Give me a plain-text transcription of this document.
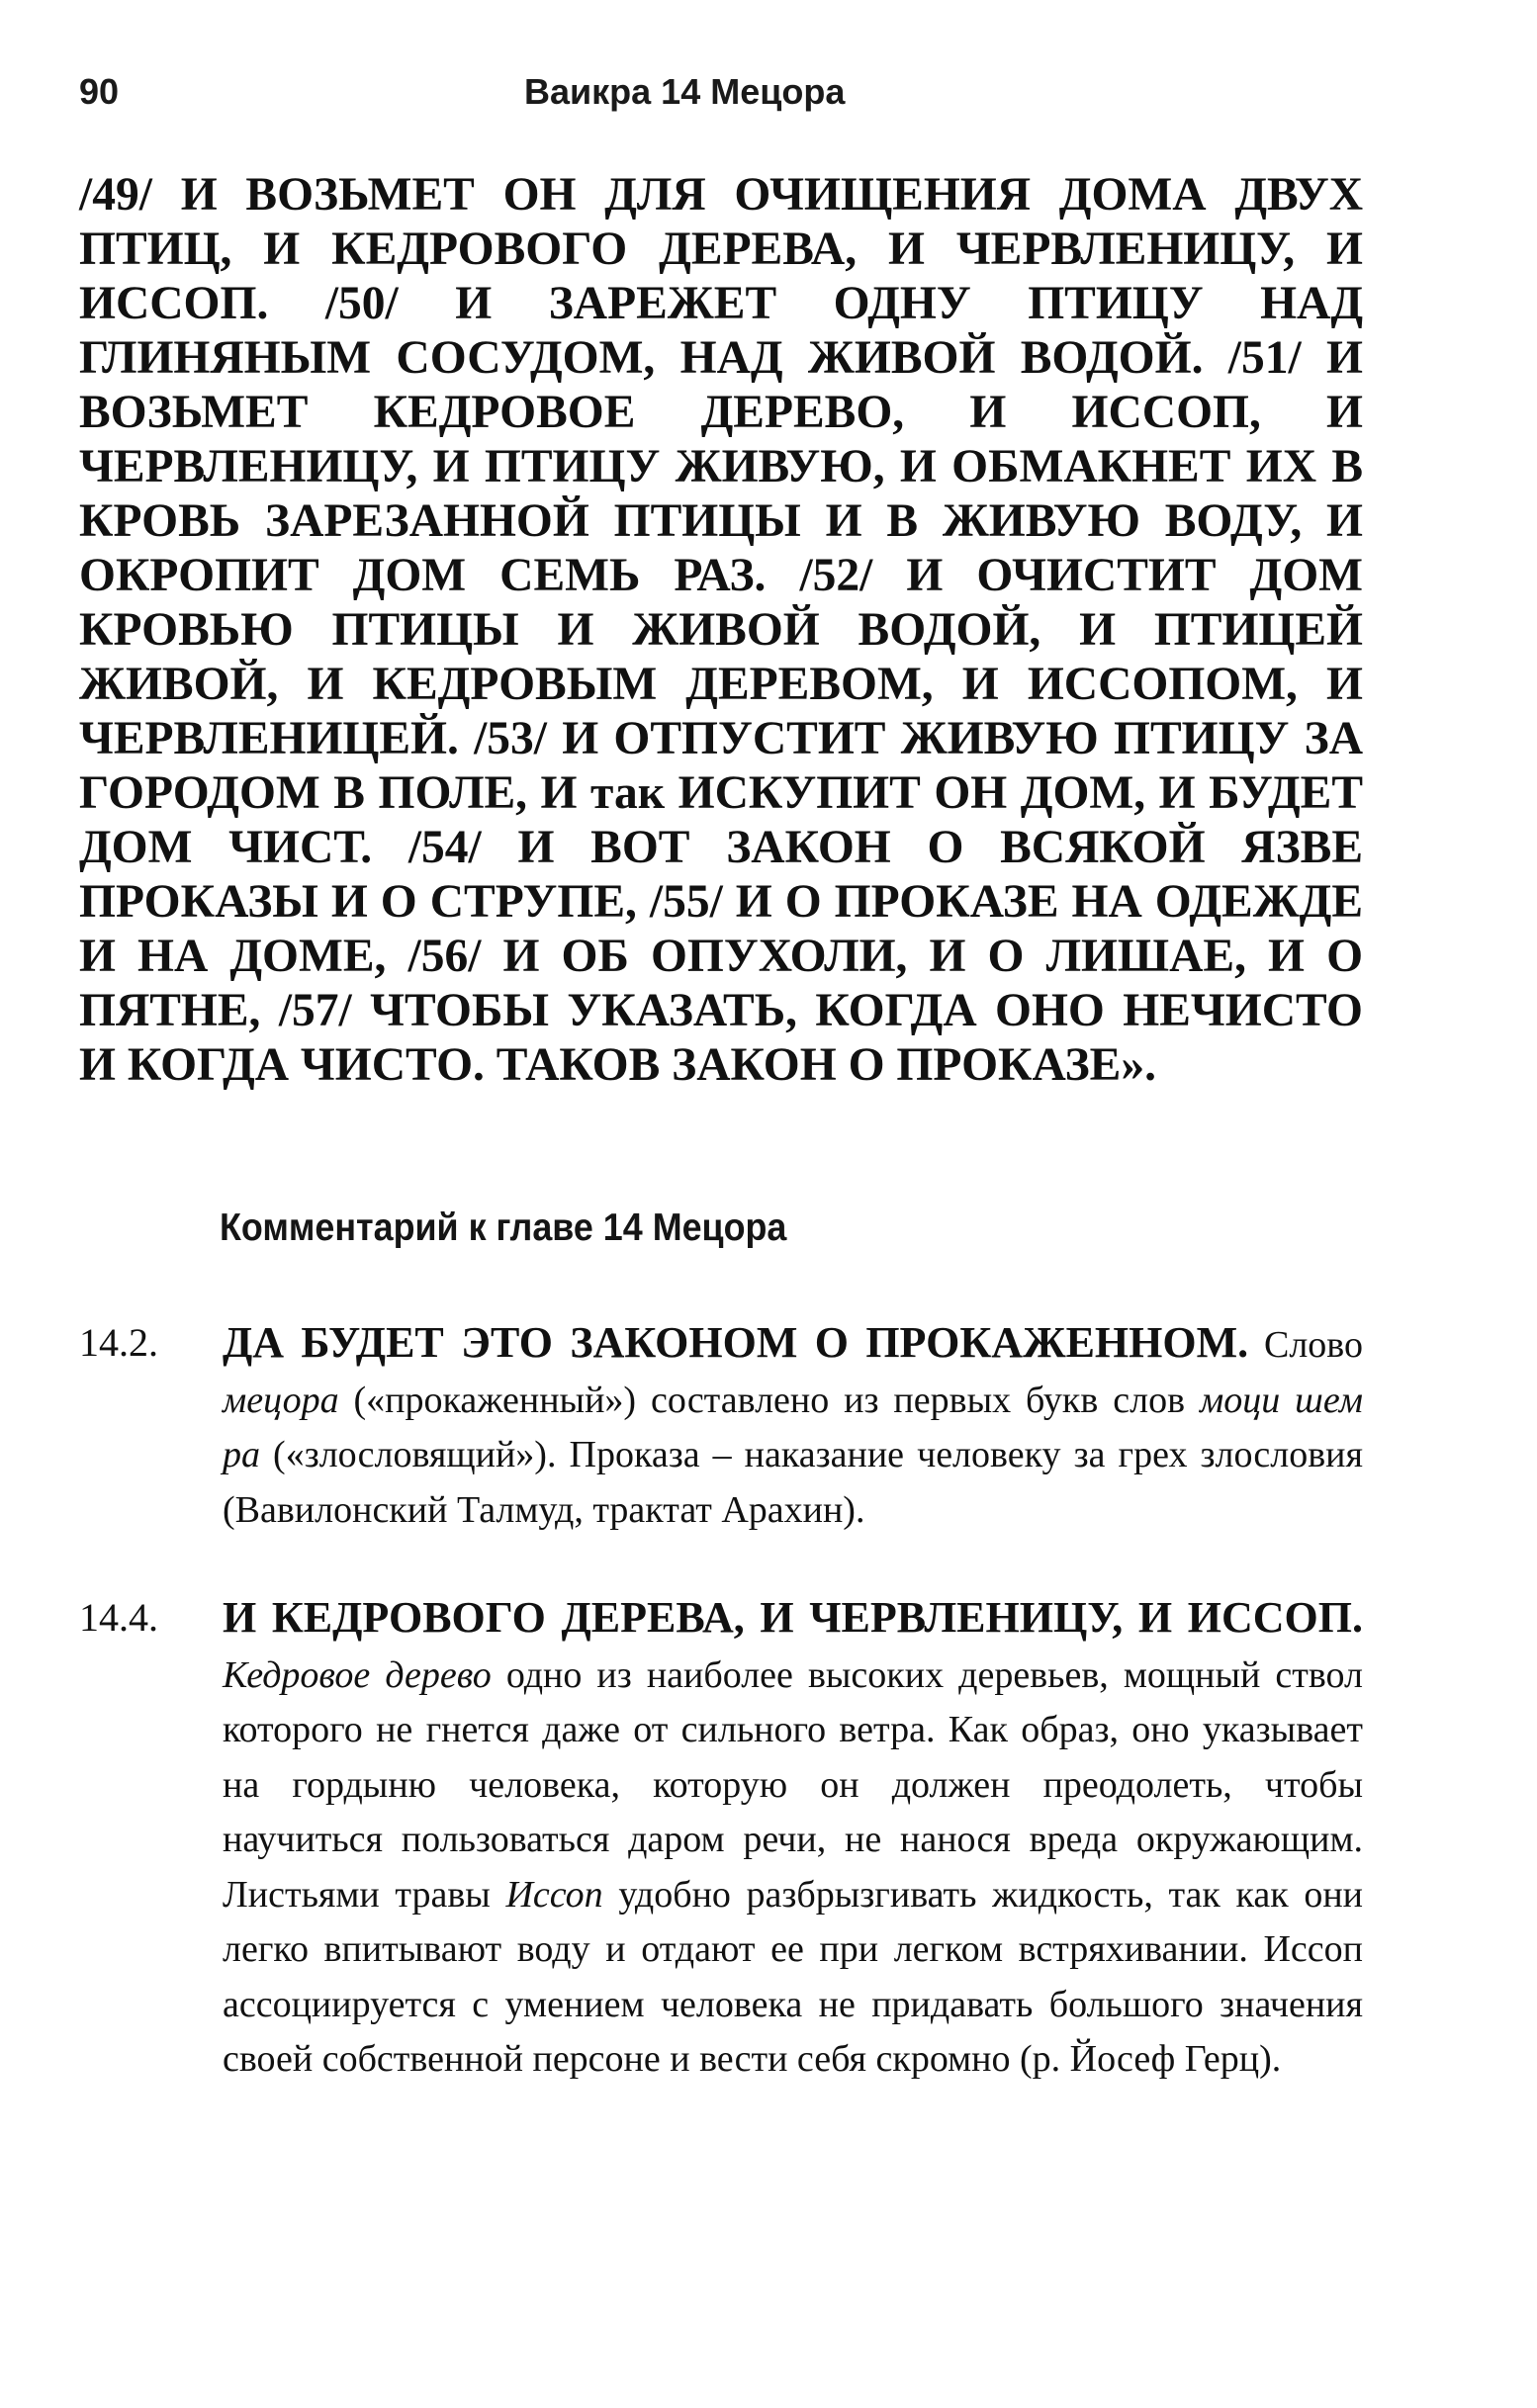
90	Ваикра 14 Мецора

/49/ И ВОЗЬМЕТ ОН ДЛЯ ОЧИЩЕНИЯ ДОМА ДВУХ ПТИЦ, И КЕДРОВОГО ДЕРЕВА, И ЧЕРВЛЕНИЦУ, И ИССОП. /50/ И ЗАРЕЖЕТ ОДНУ ПТИЦУ НАД ГЛИНЯНЫМ СОСУДОМ, НАД ЖИВОЙ ВОДОЙ. /51/ И ВОЗЬМЕТ КЕДРОВОЕ ДЕРЕВО, И ИССОП, И ЧЕРВЛЕНИЦУ, И ПТИЦУ ЖИВУЮ, И ОБМАКНЕТ ИХ В КРОВЬ ЗАРЕЗАННОЙ ПТИЦЫ И В ЖИВУЮ ВОДУ, И ОКРОПИТ ДОМ СЕМЬ РАЗ. /52/ И ОЧИСТИТ ДОМ КРОВЬЮ ПТИЦЫ И ЖИВОЙ ВОДОЙ, И ПТИЦЕЙ ЖИВОЙ, И КЕДРОВЫМ ДЕРЕВОМ, И ИССОПОМ, И ЧЕРВЛЕНИЦЕЙ. /53/ И ОТПУСТИТ ЖИВУЮ ПТИЦУ ЗА ГОРОДОМ В ПОЛЕ, И так ИСКУПИТ ОН ДОМ, И БУДЕТ ДОМ ЧИСТ. /54/ И ВОТ ЗАКОН О ВСЯКОЙ ЯЗВЕ ПРОКАЗЫ И О СТРУПЕ, /55/ И О ПРОКАЗЕ НА ОДЕЖДЕ И НА ДОМЕ, /56/ И ОБ ОПУХОЛИ, И О ЛИШАЕ, И О ПЯТНЕ, /57/ ЧТОБЫ УКАЗАТЬ, КОГДА ОНО НЕЧИСТО И КОГДА ЧИСТО. ТАКОВ ЗАКОН О ПРОКАЗЕ».

Комментарий к главе 14 Мецора
14.2.	ДА БУДЕТ ЭТО ЗАКОНОМ О ПРОКАЖЕННОМ. Слово мецора («прокаженный») составлено из первых букв слов моци шем ра («злословящий»). Проказа – наказание человеку за грех злословия (Вавилонский Талмуд, трактат Арахин).

14.4.	И КЕДРОВОГО ДЕРЕВА, И ЧЕРВЛЕНИЦУ, И ИССОП. Кедровое дерево одно из наиболее высоких деревьев, мощный ствол которого не гнется даже от сильного ветра. Как образ, оно указывает на гордыню человека, которую он должен преодолеть, чтобы научиться пользоваться даром речи, не нанося вреда окружающим. Листьями травы Иссоп удобно разбрызгивать жидкость, так как они легко впитывают воду и отдают ее при легком встряхивании. Иссоп ассоциируется с умением человека не придавать большого значения своей собственной персоне и вести себя скромно (р. Йосеф Герц).
